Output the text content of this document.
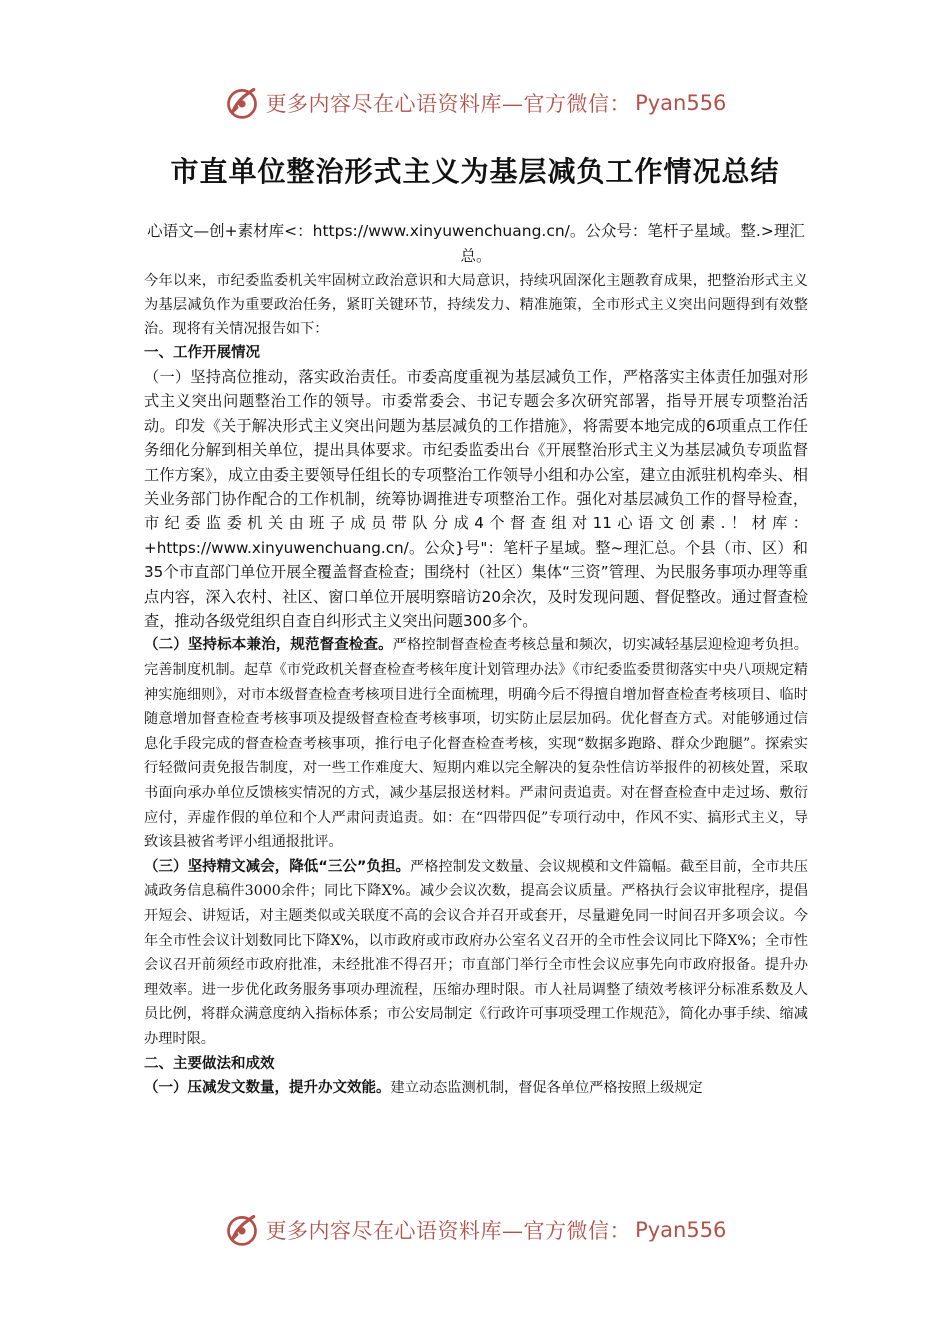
更多内容尽在心语资料库—官方微信： Pyan556
市直单位整治形式主义为基层减负工作情况总结

心语文—创+素材库<：https://www.xinyuwenchuang.cn/。公众号：笔杆子星域。整.>理汇总。

今年以来，市纪委监委机关牢固树立政治意识和大局意识，持续巩固深化主题教育成果，把整治形式主义为基层减负作为重要政治任务，紧盯关键环节，持续发力、精准施策，全市形式主义突出问题得到有效整治。现将有关情况报告如下：

一、工作开展情况

（一）坚持高位推动，落实政治责任。市委高度重视为基层减负工作，严格落实主体责任加强对形式主义突出问题整治工作的领导。市委常委会、书记专题会多次研究部署，指导开展专项整治活动。印发《关于解决形式主义突出问题为基层减负的工作措施》，将需要本地完成的6项重点工作任务细化分解到相关单位，提出具体要求。市纪委监委出台《开展整治形式主义为基层减负专项监督工作方案》，成立由委主要领导任组长的专项整治工作领导小组和办公室，建立由派驻机构牵头、相关业务部门协作配合的工作机制，统筹协调推进专项整治工作。强化对基层减负工作的督导检查，市纪委监委机关由班子成员带队分成4个督查组对11心语文创素.！材库：+https://www.xinyuwenchuang.cn/。公众}号"：笔杆子星域。整~理汇总。个县（市、区）和35个市直部门单位开展全覆盖督查检查；围绕村（社区）集体“三资”管理、为民服务事项办理等重点内容，深入农村、社区、窗口单位开展明察暗访20余次，及时发现问题、督促整改。通过督查检查，推动各级党组织自查自纠形式主义突出问题300多个。

（二）坚持标本兼治，规范督查检查。严格控制督查检查考核总量和频次，切实减轻基层迎检迎考负担。完善制度机制。起草《市党政机关督查检查考核年度计划管理办法》《市纪委监委贯彻落实中央八项规定精神实施细则》，对市本级督查检查考核项目进行全面梳理，明确今后不得擅自增加督查检查考核项目、临时随意增加督查检查考核事项及提级督查检查考核事项，切实防止层层加码。优化督查方式。对能够通过信息化手段完成的督查检查考核事项，推行电子化督查检查考核，实现“数据多跑路、群众少跑腿”。探索实行轻微问责免报告制度，对一些工作难度大、短期内难以完全解决的复杂性信访举报件的初核处置，采取书面向承办单位反馈核实情况的方式，减少基层报送材料。严肃问责追责。对在督查检查中走过场、敷衍应付，弄虚作假的单位和个人严肃问责追责。如：在“四带四促”专项行动中，作风不实、搞形式主义，导致该县被省考评小组通报批评。

（三）坚持精文减会，降低“三公”负担。严格控制发文数量、会议规模和文件篇幅。截至目前，全市共压减政务信息稿件3000余件；同比下降X%。减少会议次数，提高会议质量。严格执行会议审批程序，提倡开短会、讲短话，对主题类似或关联度不高的会议合并召开或套开，尽量避免同一时间召开多项会议。今年全市性会议计划数同比下降X%，以市政府或市政府办公室名义召开的全市性会议同比下降X%；全市性会议召开前须经市政府批准，未经批准不得召开；市直部门举行全市性会议应事先向市政府报备。提升办理效率。进一步优化政务服务事项办理流程，压缩办理时限。市人社局调整了绩效考核评分标准系数及人员比例，将群众满意度纳入指标体系；市公安局制定《行政许可事项受理工作规范》，简化办事手续、缩减办理时限。

二、主要做法和成效

（一）压减发文数量，提升办文效能。建立动态监测机制，督促各单位严格按照上级规定

更多内容尽在心语资料库—官方微信： Pyan556
